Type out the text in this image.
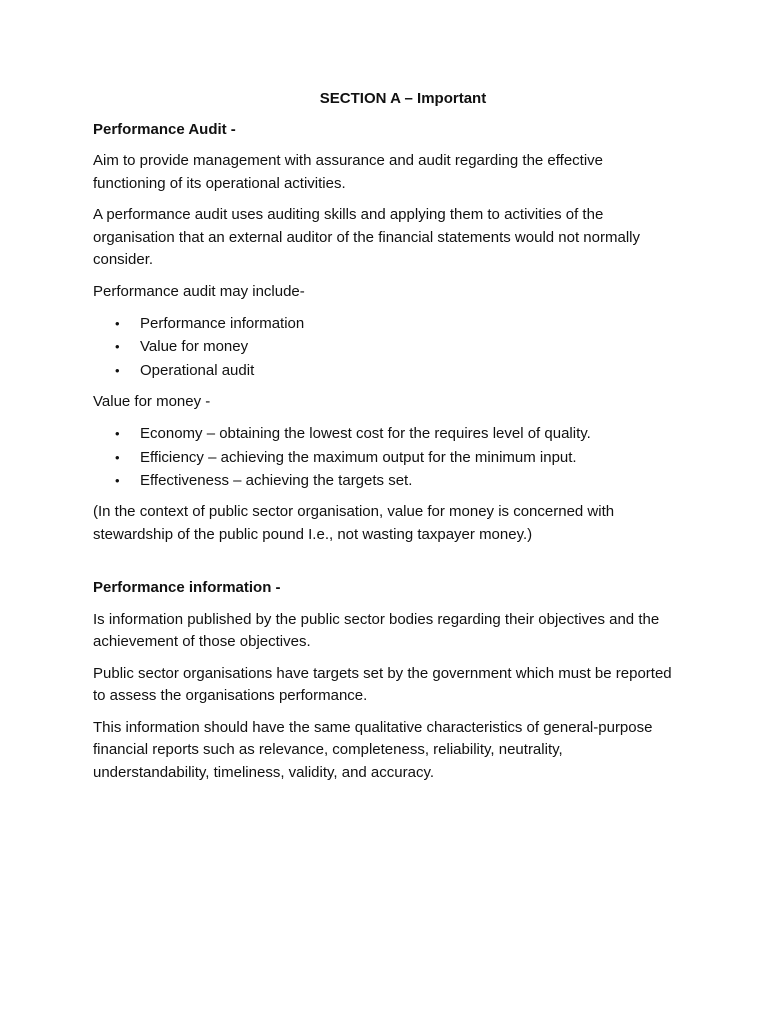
SECTION A – Important
Performance Audit -

Aim to provide management with assurance and audit regarding the effective functioning of its operational activities.

A performance audit uses auditing skills and applying them to activities of the organisation that an external auditor of the financial statements would not normally consider.

Performance audit may include-

• Performance information
• Value for money
• Operational audit

Value for money -

• Economy – obtaining the lowest cost for the requires level of quality.
• Efficiency – achieving the maximum output for the minimum input.
• Effectiveness – achieving the targets set.

(In the context of public sector organisation, value for money is concerned with stewardship of the public pound I.e., not wasting taxpayer money.)

Performance information -

Is information published by the public sector bodies regarding their objectives and the achievement of those objectives.

Public sector organisations have targets set by the government which must be reported to assess the organisations performance.

This information should have the same qualitative characteristics of general-purpose financial reports such as relevance, completeness, reliability, neutrality, understandability, timeliness, validity, and accuracy.
